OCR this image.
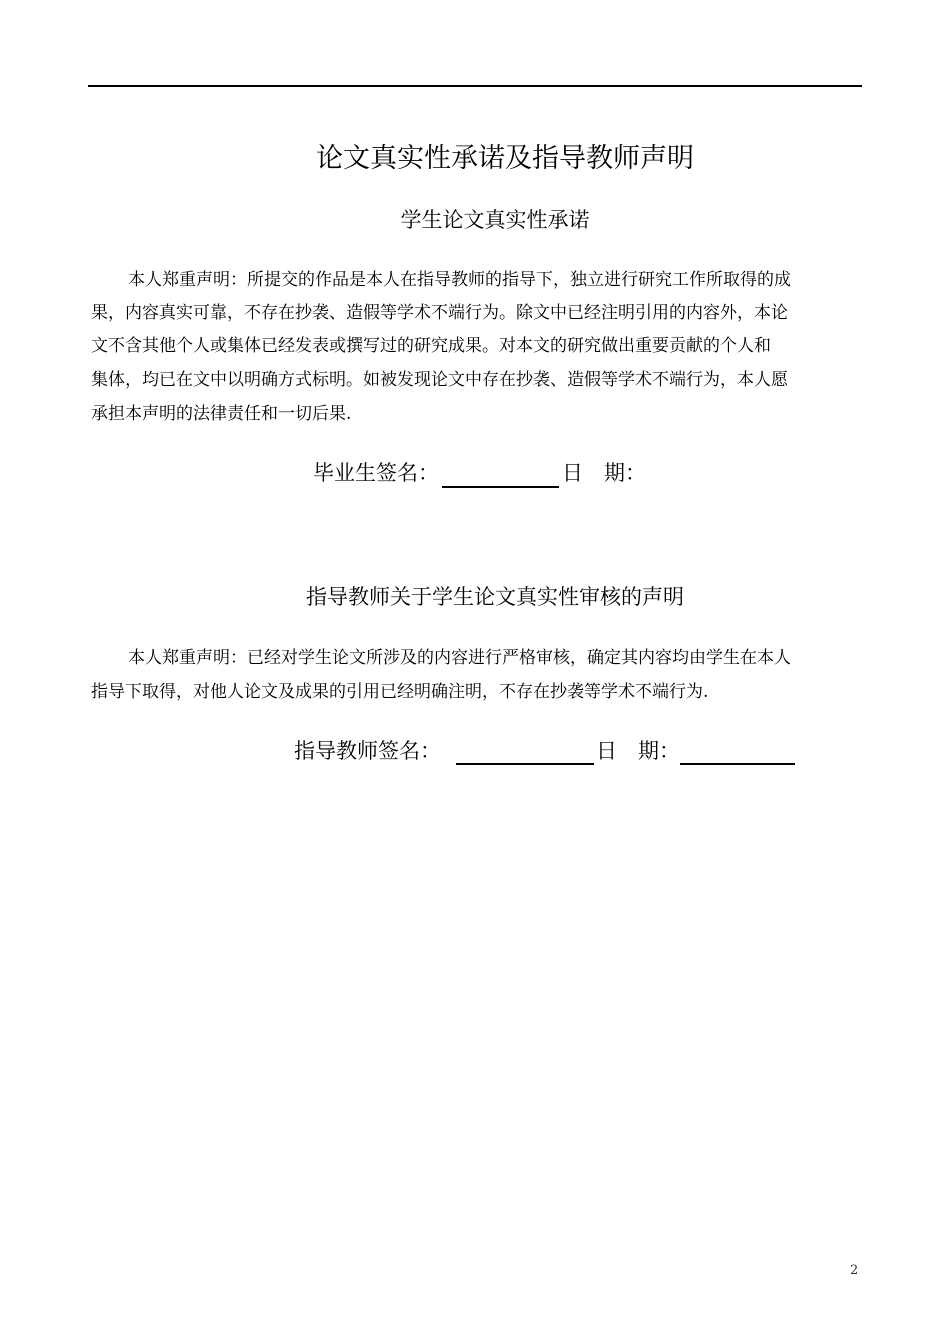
论文真实性承诺及指导教师声明
学生论文真实性承诺
本人郑重声明：所提交的作品是本人在指导教师的指导下，独立进行研究工作所取得的成
果，内容真实可靠，不存在抄袭、造假等学术不端行为。除文中已经注明引用的内容外，本论
文不含其他个人或集体已经发表或撰写过的研究成果。对本文的研究做出重要贡献的个人和
集体，均已在文中以明确方式标明。如被发现论文中存在抄袭、造假等学术不端行为，本人愿
承担本声明的法律责任和一切后果.
毕业生签名：	日　期：
指导教师关于学生论文真实性审核的声明
本人郑重声明：已经对学生论文所涉及的内容进行严格审核，确定其内容均由学生在本人
指导下取得，对他人论文及成果的引用已经明确注明，不存在抄袭等学术不端行为.
指导教师签名：	日　期：
2
